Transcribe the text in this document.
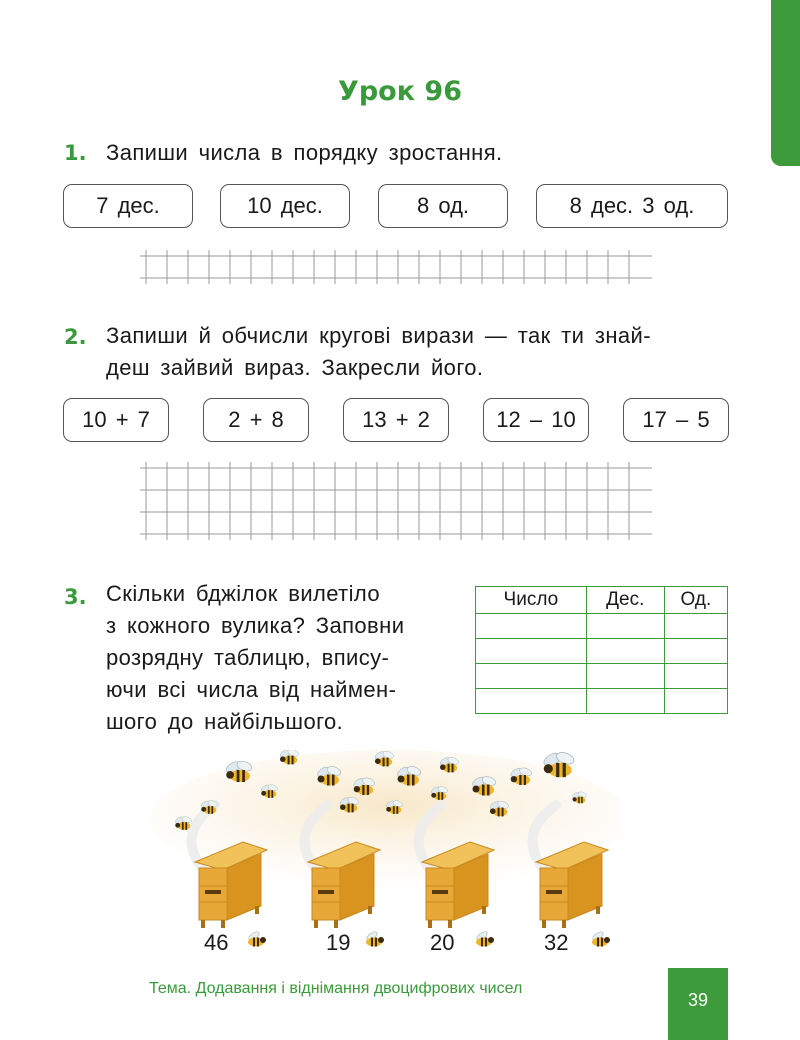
Урок 96
1. Запиши числа в порядку зростання.
7 дес.	10 дес.	8 од.	8 дес. 3 од.
2. Запиши й обчисли кругові вирази — так ти знай-
деш зайвий вираз. Закресли його.
10 + 7	2 + 8	13 + 2	12 – 10	17 – 5
3. Скільки бджілок вилетіло
з кожного вулика? Заповни
розрядну таблицю, впису-
ючи всі числа від наймен-
шого до найбільшого.
Число	Дес.	Од.

46	19	20	32
Тема. Додавання і віднімання двоцифрових чисел
39
